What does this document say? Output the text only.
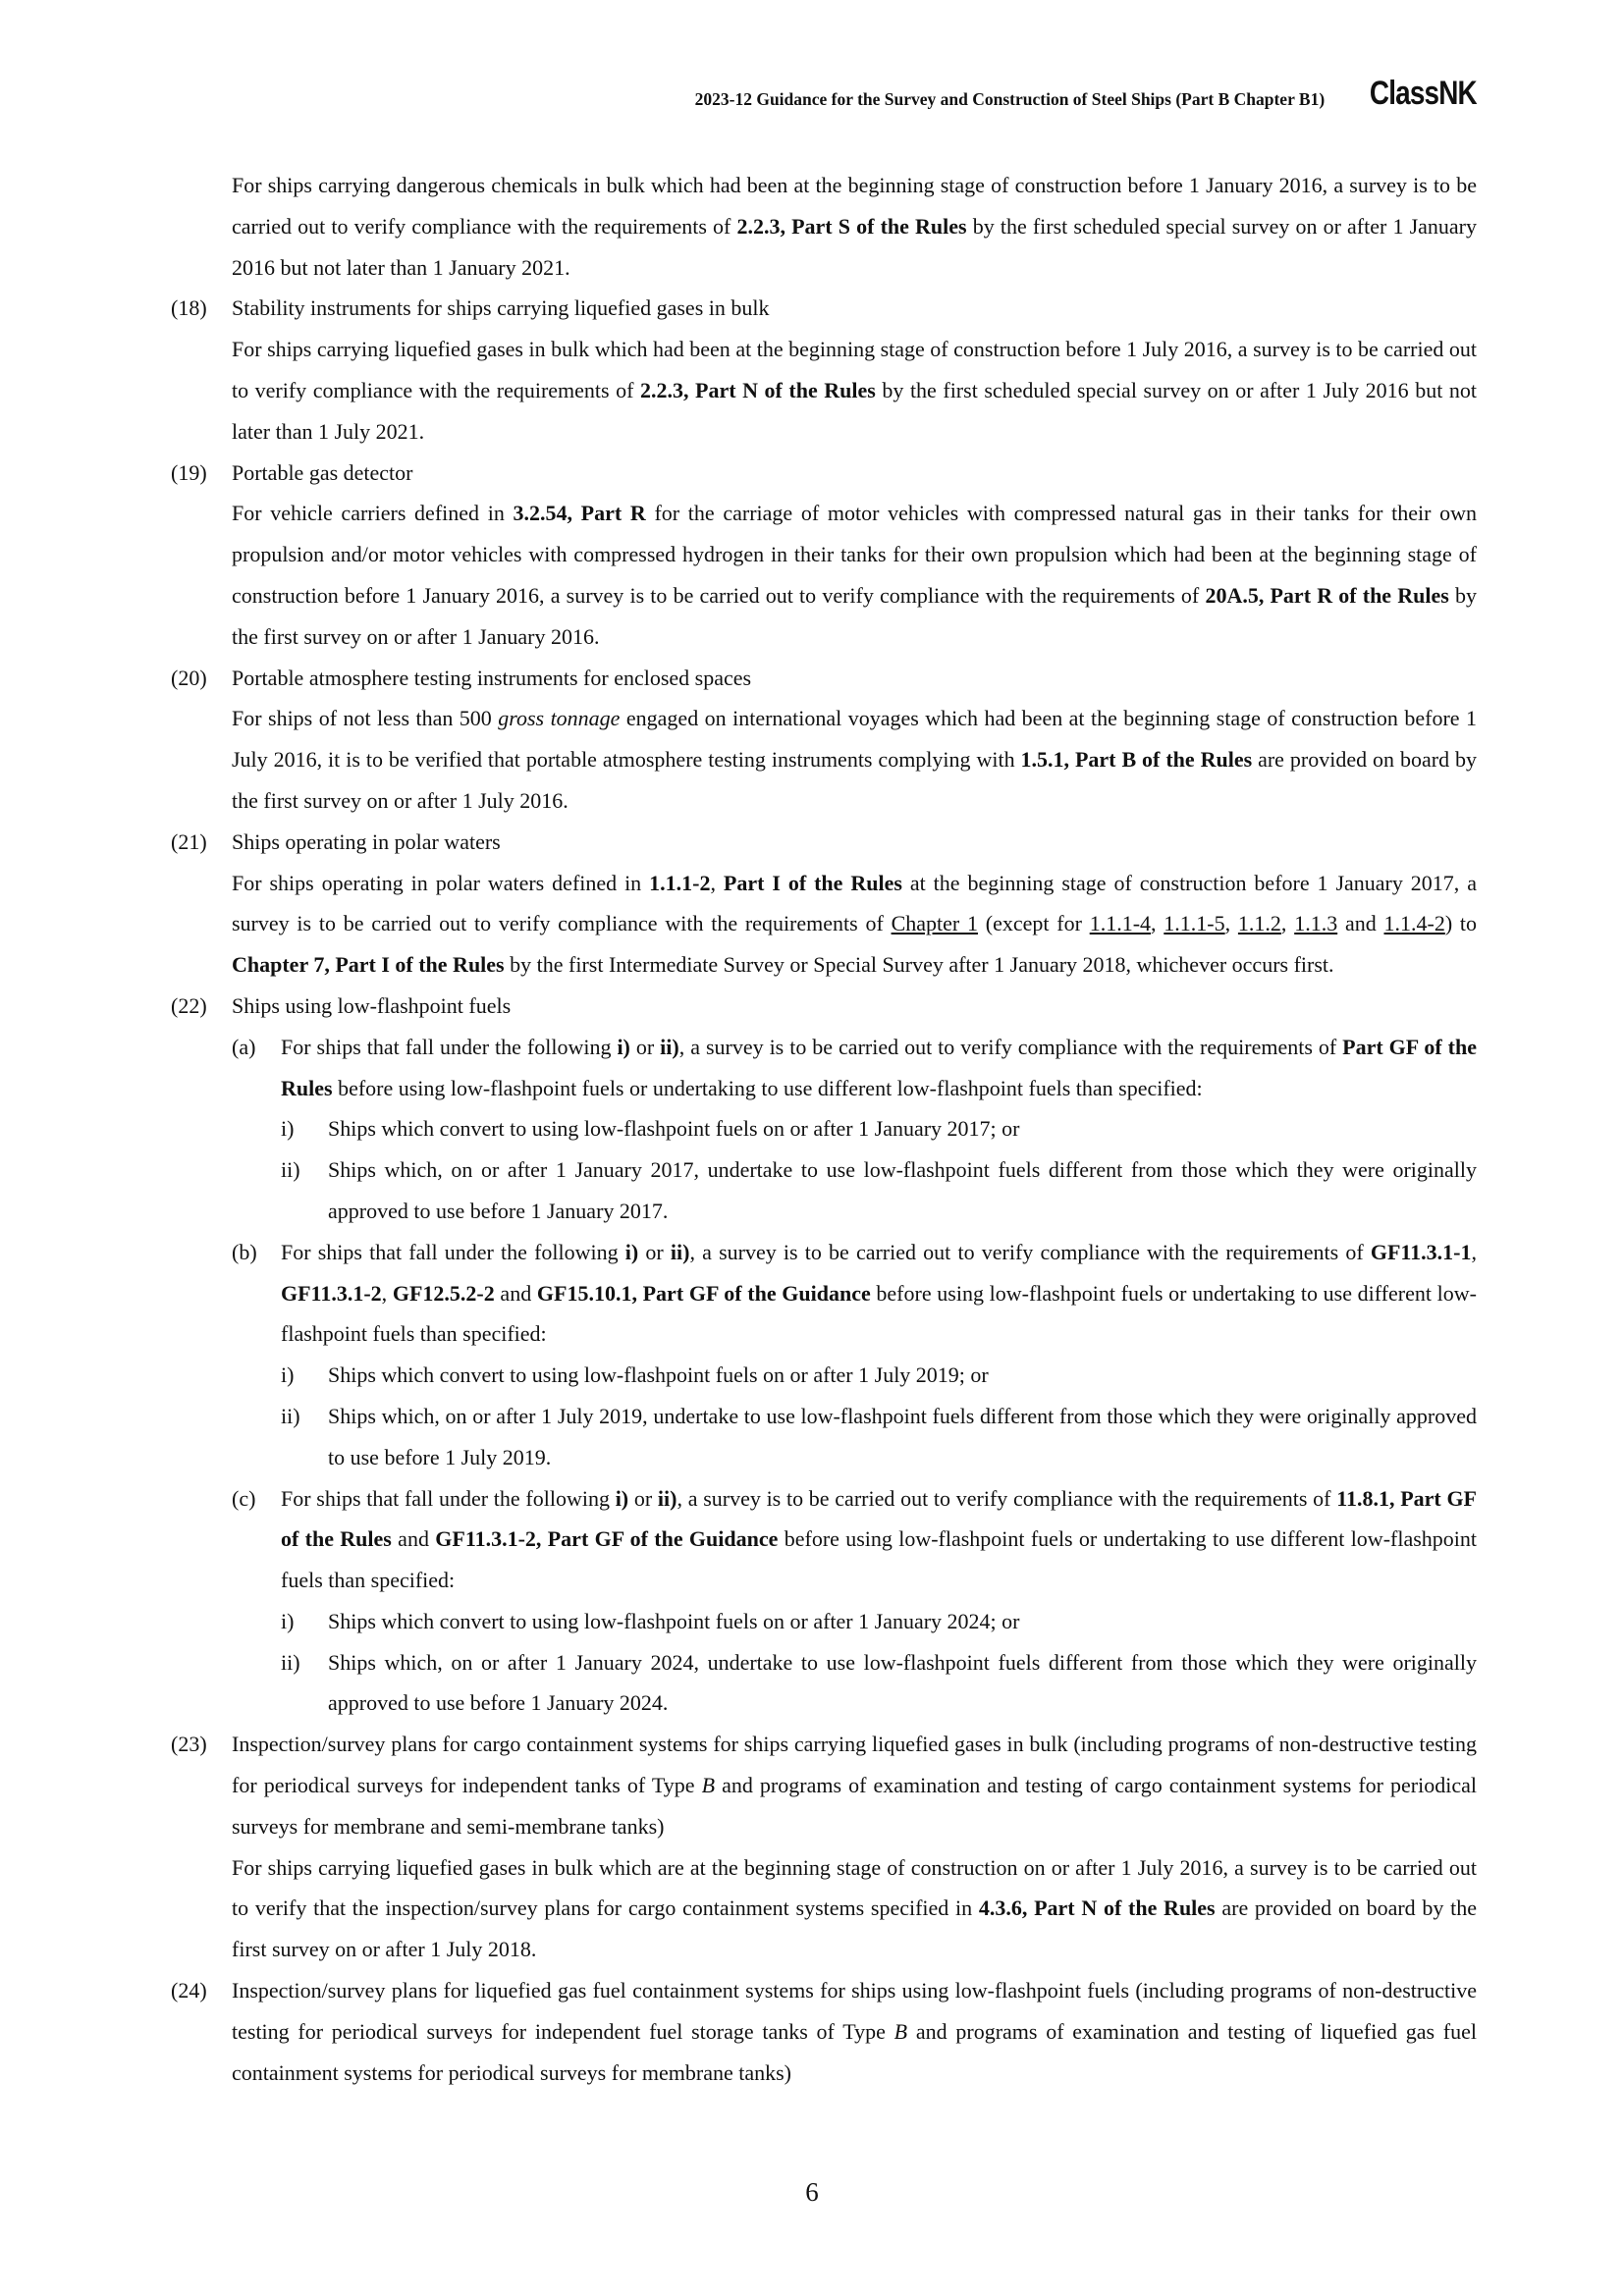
2023-12 Guidance for the Survey and Construction of Steel Ships (Part B Chapter B1) ClassNK

For ships carrying dangerous chemicals in bulk which had been at the beginning stage of construction before 1 January 2016, a survey is to be carried out to verify compliance with the requirements of 2.2.3, Part S of the Rules by the first scheduled special survey on or after 1 January 2016 but not later than 1 January 2021.

(18) Stability instruments for ships carrying liquefied gases in bulk

For ships carrying liquefied gases in bulk which had been at the beginning stage of construction before 1 July 2016, a survey is to be carried out to verify compliance with the requirements of 2.2.3, Part N of the Rules by the first scheduled special survey on or after 1 July 2016 but not later than 1 July 2021.

(19) Portable gas detector

For vehicle carriers defined in 3.2.54, Part R for the carriage of motor vehicles with compressed natural gas in their tanks for their own propulsion and/or motor vehicles with compressed hydrogen in their tanks for their own propulsion which had been at the beginning stage of construction before 1 January 2016, a survey is to be carried out to verify compliance with the requirements of 20A.5, Part R of the Rules by the first survey on or after 1 January 2016.

(20) Portable atmosphere testing instruments for enclosed spaces

For ships of not less than 500 gross tonnage engaged on international voyages which had been at the beginning stage of construction before 1 July 2016, it is to be verified that portable atmosphere testing instruments complying with 1.5.1, Part B of the Rules are provided on board by the first survey on or after 1 July 2016.

(21) Ships operating in polar waters

For ships operating in polar waters defined in 1.1.1-2, Part I of the Rules at the beginning stage of construction before 1 January 2017, a survey is to be carried out to verify compliance with the requirements of Chapter 1 (except for 1.1.1-4, 1.1.1-5, 1.1.2, 1.1.3 and 1.1.4-2) to Chapter 7, Part I of the Rules by the first Intermediate Survey or Special Survey after 1 January 2018, whichever occurs first.

(22) Ships using low-flashpoint fuels

(a) For ships that fall under the following i) or ii), a survey is to be carried out to verify compliance with the requirements of Part GF of the Rules before using low-flashpoint fuels or undertaking to use different low-flashpoint fuels than specified:

i) Ships which convert to using low-flashpoint fuels on or after 1 January 2017; or

ii) Ships which, on or after 1 January 2017, undertake to use low-flashpoint fuels different from those which they were originally approved to use before 1 January 2017.

(b) For ships that fall under the following i) or ii), a survey is to be carried out to verify compliance with the requirements of GF11.3.1-1, GF11.3.1-2, GF12.5.2-2 and GF15.10.1, Part GF of the Guidance before using low-flashpoint fuels or undertaking to use different low-flashpoint fuels than specified:

i) Ships which convert to using low-flashpoint fuels on or after 1 July 2019; or

ii) Ships which, on or after 1 July 2019, undertake to use low-flashpoint fuels different from those which they were originally approved to use before 1 July 2019.

(c) For ships that fall under the following i) or ii), a survey is to be carried out to verify compliance with the requirements of 11.8.1, Part GF of the Rules and GF11.3.1-2, Part GF of the Guidance before using low-flashpoint fuels or undertaking to use different low-flashpoint fuels than specified:

i) Ships which convert to using low-flashpoint fuels on or after 1 January 2024; or

ii) Ships which, on or after 1 January 2024, undertake to use low-flashpoint fuels different from those which they were originally approved to use before 1 January 2024.

(23) Inspection/survey plans for cargo containment systems for ships carrying liquefied gases in bulk (including programs of non-destructive testing for periodical surveys for independent tanks of Type B and programs of examination and testing of cargo containment systems for periodical surveys for membrane and semi-membrane tanks)

For ships carrying liquefied gases in bulk which are at the beginning stage of construction on or after 1 July 2016, a survey is to be carried out to verify that the inspection/survey plans for cargo containment systems specified in 4.3.6, Part N of the Rules are provided on board by the first survey on or after 1 July 2018.

(24) Inspection/survey plans for liquefied gas fuel containment systems for ships using low-flashpoint fuels (including programs of non-destructive testing for periodical surveys for independent fuel storage tanks of Type B and programs of examination and testing of liquefied gas fuel containment systems for periodical surveys for membrane tanks)

6
